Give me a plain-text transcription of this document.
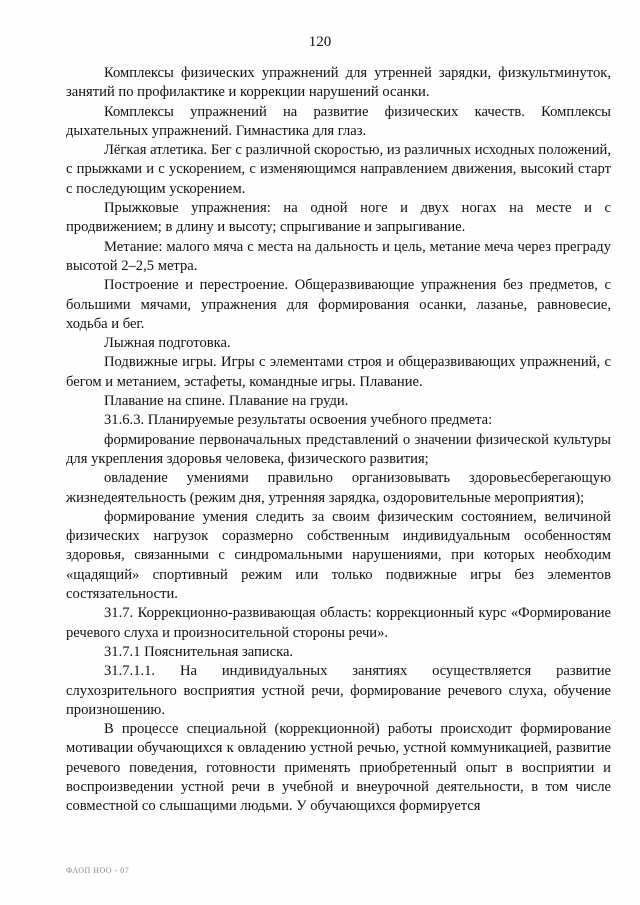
120

Комплексы физических упражнений для утренней зарядки, физкультминуток, занятий по профилактике и коррекции нарушений осанки.

Комплексы упражнений на развитие физических качеств. Комплексы дыхательных упражнений. Гимнастика для глаз.

Лёгкая атлетика. Бег с различной скоростью, из различных исходных положений, с прыжками и с ускорением, с изменяющимся направлением движения, высокий старт с последующим ускорением.

Прыжковые упражнения: на одной ноге и двух ногах на месте и с продвижением; в длину и высоту; спрыгивание и запрыгивание.

Метание: малого мяча с места на дальность и цель, метание меча через преграду высотой 2–2,5 метра.

Построение и перестроение. Общеразвивающие упражнения без предметов, с большими мячами, упражнения для формирования осанки, лазанье, равновесие, ходьба и бег.

Лыжная подготовка.

Подвижные игры. Игры с элементами строя и общеразвивающих упражнений, с бегом и метанием, эстафеты, командные игры. Плавание.

Плавание на спине. Плавание на груди.

31.6.3. Планируемые результаты освоения учебного предмета:

формирование первоначальных представлений о значении физической культуры для укрепления здоровья человека, физического развития;

овладение умениями правильно организовывать здоровьесберегающую жизнедеятельность (режим дня, утренняя зарядка, оздоровительные мероприятия);

формирование умения следить за своим физическим состоянием, величиной физических нагрузок соразмерно собственным индивидуальным особенностям здоровья, связанными с синдромальными нарушениями, при которых необходим «щадящий» спортивный режим или только подвижные игры без элементов состязательности.

31.7. Коррекционно-развивающая область: коррекционный курс «Формирование речевого слуха и произносительной стороны речи».

31.7.1 Пояснительная записка.

31.7.1.1. На индивидуальных занятиях осуществляется развитие слухозрительного восприятия устной речи, формирование речевого слуха, обучение произношению.

В процессе специальной (коррекционной) работы происходит формирование мотивации обучающихся к овладению устной речью, устной коммуникацией, развитие речевого поведения, готовности применять приобретенный опыт в восприятии и воспроизведении устной речи в учебной и внеурочной деятельности, в том числе совместной со слышащими людьми. У обучающихся формируется

ФАОП НОО - 07
